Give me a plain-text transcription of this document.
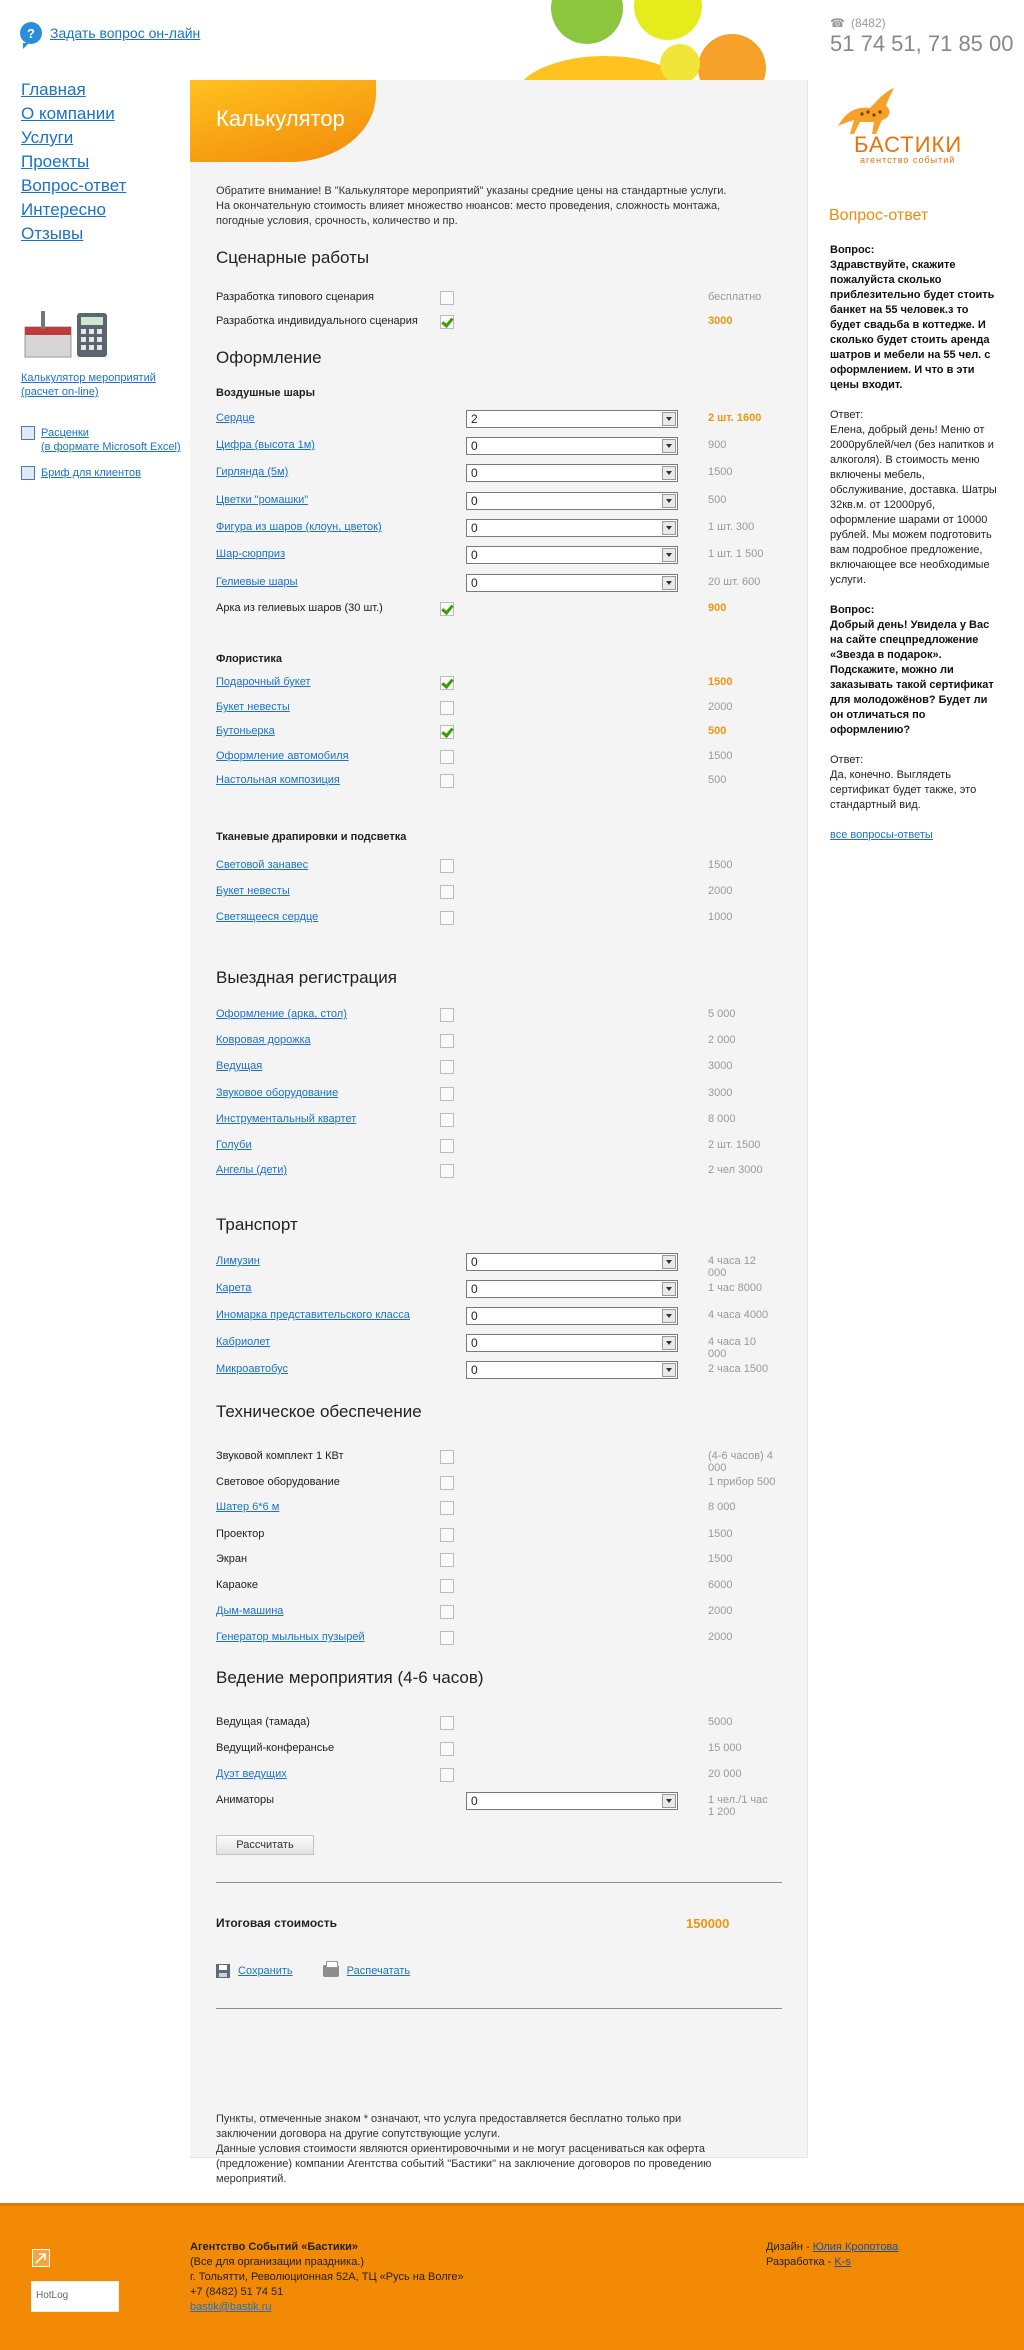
?	Задать вопрос он-лайн
☎ (8482)
51 74 51, 71 85 00
Главная
О компании
Услуги
Проекты
Вопрос-ответ
Интересно
Отзывы
Калькулятор мероприятий
(расчет on-line)
Расценки
(в формате Microsoft Excel)
Бриф для клиентов
Калькулятор
Обратите внимание! В "Калькуляторе мероприятий" указаны средние цены на стандартные услуги.
На окончательную стоимость влияет множество нюансов: место проведения, сложность монтажа,
погодные условия, срочность, количество и пр.
Сценарные работы
Оформление
Воздушные шары
Флористика
Тканевые драпировки и подсветка
Выездная регистрация
Транспорт
Техническое обеспечение
Ведение мероприятия (4-6 часов)
Разработка типового сценария	бесплатно
Разработка индивидуального сценария	3000
Сердце	2	2 шт. 1600
Цифра (высота 1м)	0	900
Гирлянда (5м)	0	1500
Цветки "ромашки"	0	500
Фигура из шаров (клоун, цветок)	0	1 шт. 300
Шар-сюрприз	0	1 шт. 1 500
Гелиевые шары	0	20 шт. 600
Арка из гелиевых шаров (30 шт.)	900
Подарочный букет	1500
Букет невесты	2000
Бутоньерка	500
Оформление автомобиля	1500
Настольная композиция	500
Световой занавес	1500
Букет невесты	2000
Светящееся сердце	1000
Оформление (арка, стол)	5 000
Ковровая дорожка	2 000
Ведущая	3000
Звуковое оборудование	3000
Инструментальный квартет	8 000
Голуби	2 шт. 1500
Ангелы (дети)	2 чел 3000
Лимузин	0	4 часа 12 000
Карета	0	1 час 8000
Иномарка представительского класса	0	4 часа 4000
Кабриолет	0	4 часа 10 000
Микроавтобус	0	2 часа 1500
Звуковой комплект 1 КВт	(4-6 часов) 4 000
Световое оборудование	1 прибор 500
Шатер 6*6 м	8 000
Проектор	1500
Экран	1500
Караоке	6000
Дым-машина	2000
Генератор мыльных пузырей	2000
Ведущая (тамада)	5000
Ведущий-конферансье	15 000
Дуэт ведущих	20 000
Аниматоры	0	1 чел./1 час 1 200
Рассчитать
Итоговая стоимость	150000
Сохранить	Распечатать
Пункты, отмеченные знаком * означают, что услуга предоставляется бесплатно только при
заключении договора на другие сопутствующие услуги.
Данные условия стоимости являются ориентировочными и не могут расцениваться как оферта
(предложение) компании Агентства событий "Бастики" на заключение договоров по проведению
мероприятий.
БАСТИКИ
агентство событий
Вопрос-ответ

Вопрос:
Здравствуйте, скажите пожалуйста сколько приблезительно будет стоить банкет на 55 человек.з то будет свадьба в коттедже. И сколько будет стоить аренда шатров и мебели на 55 чел. с оформлением. И что в эти цены входит.

Ответ:
Елена, добрый день! Меню от 2000рублей/чел (без напитков и алкоголя). В стоимость меню включены мебель, обслуживание, доставка. Шатры 32кв.м. от 12000руб, оформление шарами от 10000 рублей. Мы можем подготовить вам подробное предложение, включающее все необходимые услуги.

Вопрос:
Добрый день! Увидела у Вас на сайте спецпредложение «Звезда в подарок». Подскажите, можно ли заказывать такой сертификат для молодожёнов? Будет ли он отличаться по оформлению?

Ответ:
Да, конечно. Выглядеть сертификат будет также, это стандартный вид.

все вопросы-ответы
HotLog
Агентство Событий «Бастики»
(Все для организации праздника.)
г. Тольятти, Революционная 52А, ТЦ «Русь на Волге»
+7 (8482) 51 74 51
bastik@bastik.ru
Дизайн - Юлия Кропотова
Разработка - K-s
